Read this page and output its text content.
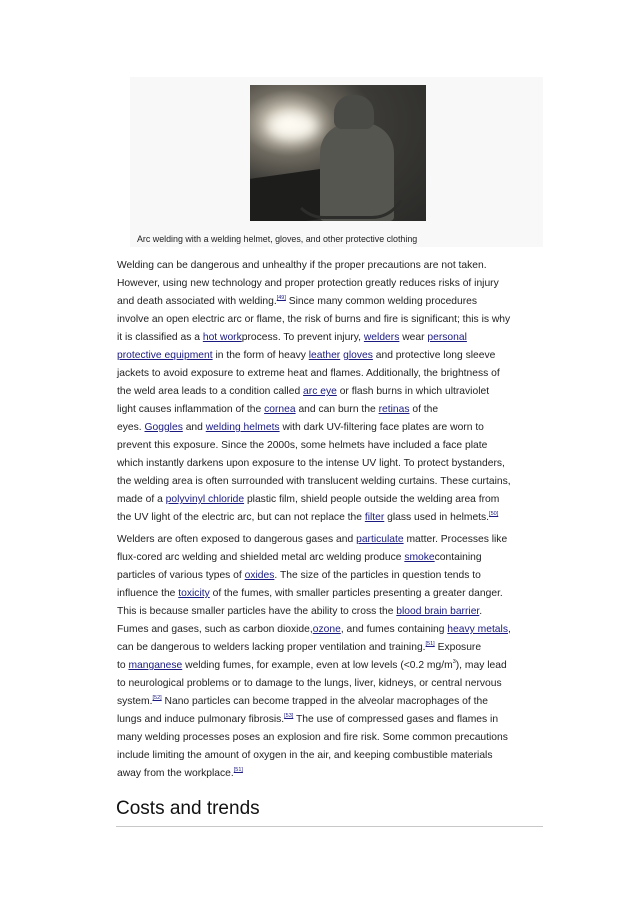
Arc welding with a welding helmet, gloves, and other protective clothing

Welding can be dangerous and unhealthy if the proper precautions are not taken.
However, using new technology and proper protection greatly reduces risks of injury
and death associated with welding.[49] Since many common welding procedures
involve an open electric arc or flame, the risk of burns and fire is significant; this is why
it is classified as a hot workprocess. To prevent injury, welders wear personal
protective equipment in the form of heavy leather gloves and protective long sleeve
jackets to avoid exposure to extreme heat and flames. Additionally, the brightness of
the weld area leads to a condition called arc eye or flash burns in which ultraviolet
light causes inflammation of the cornea and can burn the retinas of the
eyes. Goggles and welding helmets with dark UV-filtering face plates are worn to
prevent this exposure. Since the 2000s, some helmets have included a face plate
which instantly darkens upon exposure to the intense UV light. To protect bystanders,
the welding area is often surrounded with translucent welding curtains. These curtains,
made of a polyvinyl chloride plastic film, shield people outside the welding area from
the UV light of the electric arc, but can not replace the filter glass used in helmets.[50]

Welders are often exposed to dangerous gases and particulate matter. Processes like
flux-cored arc welding and shielded metal arc welding produce smokecontaining
particles of various types of oxides. The size of the particles in question tends to
influence the toxicity of the fumes, with smaller particles presenting a greater danger.
This is because smaller particles have the ability to cross the blood brain barrier.
Fumes and gases, such as carbon dioxide,ozone, and fumes containing heavy metals,
can be dangerous to welders lacking proper ventilation and training.[51] Exposure
to manganese welding fumes, for example, even at low levels (<0.2 $mg/m^3$), may lead
to neurological problems or to damage to the lungs, liver, kidneys, or central nervous
system.[52] Nano particles can become trapped in the alveolar macrophages of the
lungs and induce pulmonary fibrosis.[53] The use of compressed gases and flames in
many welding processes poses an explosion and fire risk. Some common precautions
include limiting the amount of oxygen in the air, and keeping combustible materials
away from the workplace.[51]

Costs and trends
